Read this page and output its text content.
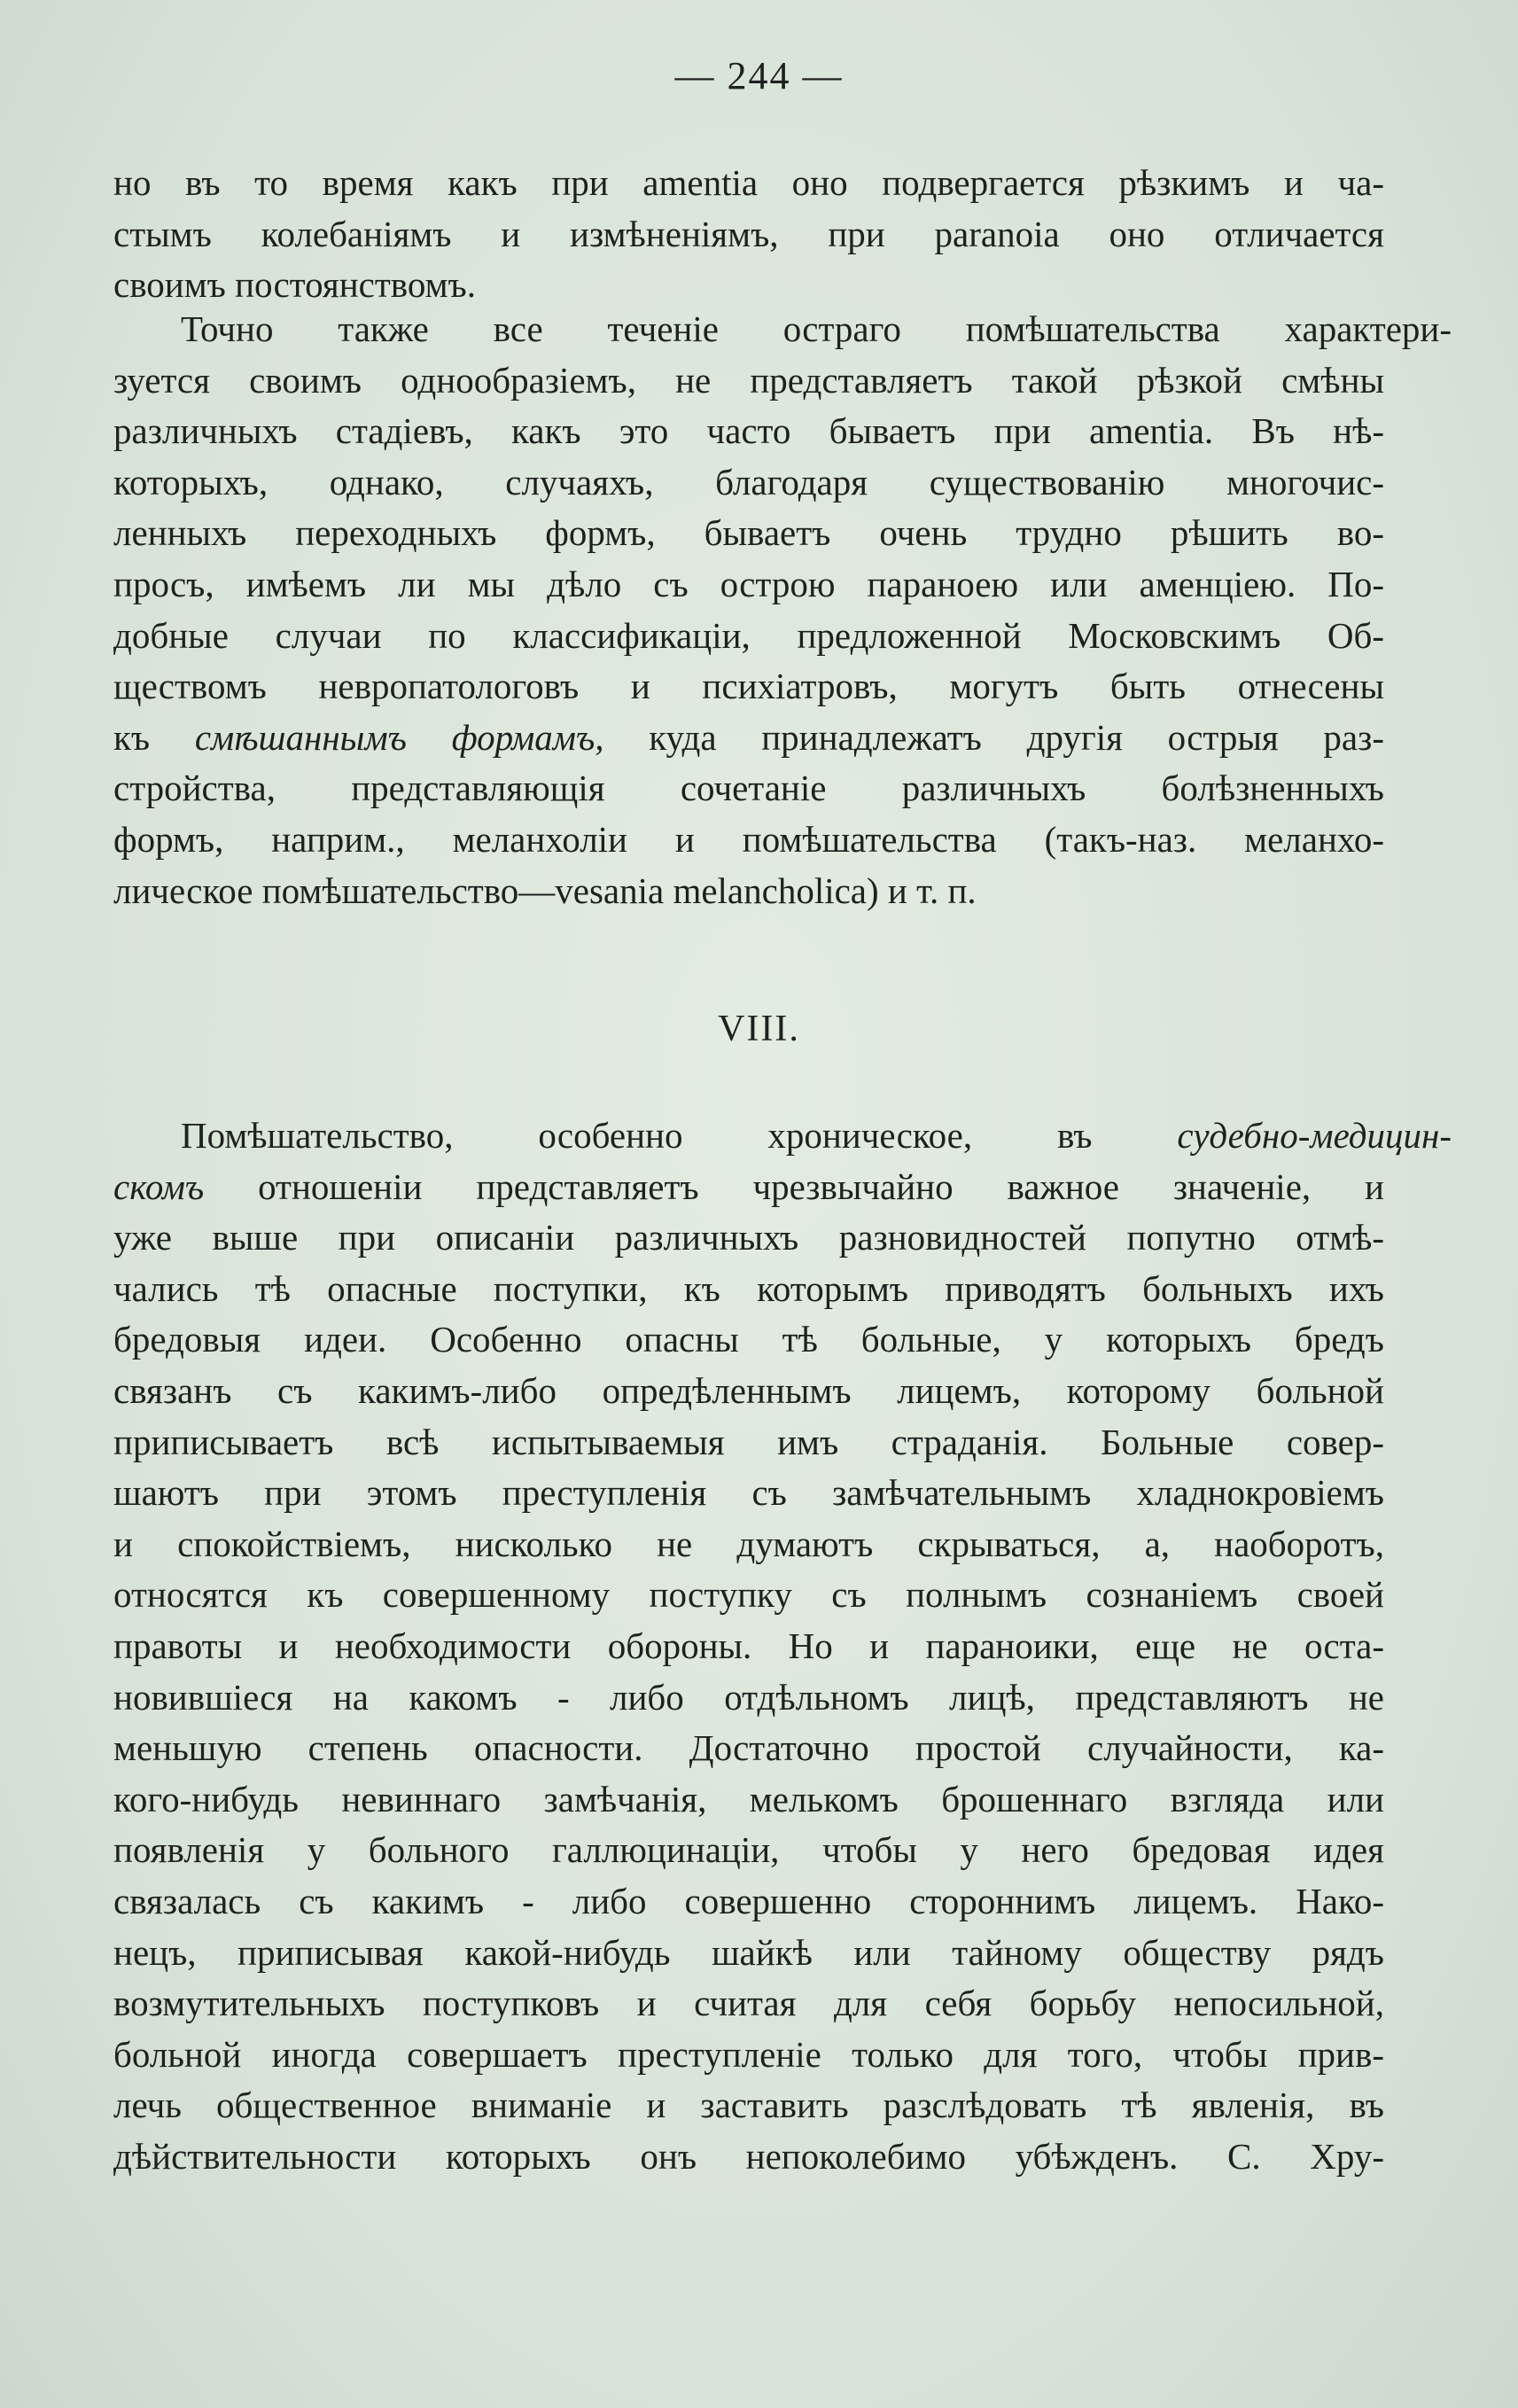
— 244 —
но въ то время какъ при amentia оно подвергается рѣзкимъ и ча-
стымъ колебаніямъ и измѣненіямъ, при paranoia оно отличается
своимъ постоянствомъ.
Точно также все теченіе остраго помѣшательства характери-
зуется своимъ однообразіемъ, не представляетъ такой рѣзкой смѣны
различныхъ стадіевъ, какъ это часто бываетъ при amentia. Въ нѣ-
которыхъ, однако, случаяхъ, благодаря существованію многочис-
ленныхъ переходныхъ формъ, бываетъ очень трудно рѣшить во-
просъ, имѣемъ ли мы дѣло съ острою параноею или аменціею. По-
добные случаи по классификаціи, предложенной Московскимъ Об-
ществомъ невропатологовъ и психіатровъ, могутъ быть отнесены
къ смѣшаннымъ формамъ, куда принадлежатъ другія острыя раз-
стройства, представляющія сочетаніе различныхъ болѣзненныхъ
формъ, наприм., меланхоліи и помѣшательства (такъ-наз. меланхо-
лическое помѣшательство—vesania melancholica) и т. п.
VIII.
Помѣшательство, особенно хроническое, въ судебно-медицин-
скомъ отношеніи представляетъ чрезвычайно важное значеніе, и
уже выше при описаніи различныхъ разновидностей попутно отмѣ-
чались тѣ опасные поступки, къ которымъ приводятъ больныхъ ихъ
бредовыя идеи. Особенно опасны тѣ больные, у которыхъ бредъ
связанъ съ какимъ-либо опредѣленнымъ лицемъ, которому больной
приписываетъ всѣ испытываемыя имъ страданія. Больные совер-
шаютъ при этомъ преступленія съ замѣчательнымъ хладнокровіемъ
и спокойствіемъ, нисколько не думаютъ скрываться, а, наоборотъ,
относятся къ совершенному поступку съ полнымъ сознаніемъ своей
правоты и необходимости обороны. Но и параноики, еще не оста-
новившіеся на какомъ - либо отдѣльномъ лицѣ, представляютъ не
меньшую степень опасности. Достаточно простой случайности, ка-
кого-нибудь невиннаго замѣчанія, мелькомъ брошеннаго взгляда или
появленія у больного галлюцинаціи, чтобы у него бредовая идея
связалась съ какимъ - либо совершенно стороннимъ лицемъ. Нако-
нецъ, приписывая какой-нибудь шайкѣ или тайному обществу рядъ
возмутительныхъ поступковъ и считая для себя борьбу непосильной,
больной иногда совершаетъ преступленіе только для того, чтобы прив-
лечь общественное вниманіе и заставить разслѣдовать тѣ явленія, въ
дѣйствительности которыхъ онъ непоколебимо убѣжденъ. С. Хру-
